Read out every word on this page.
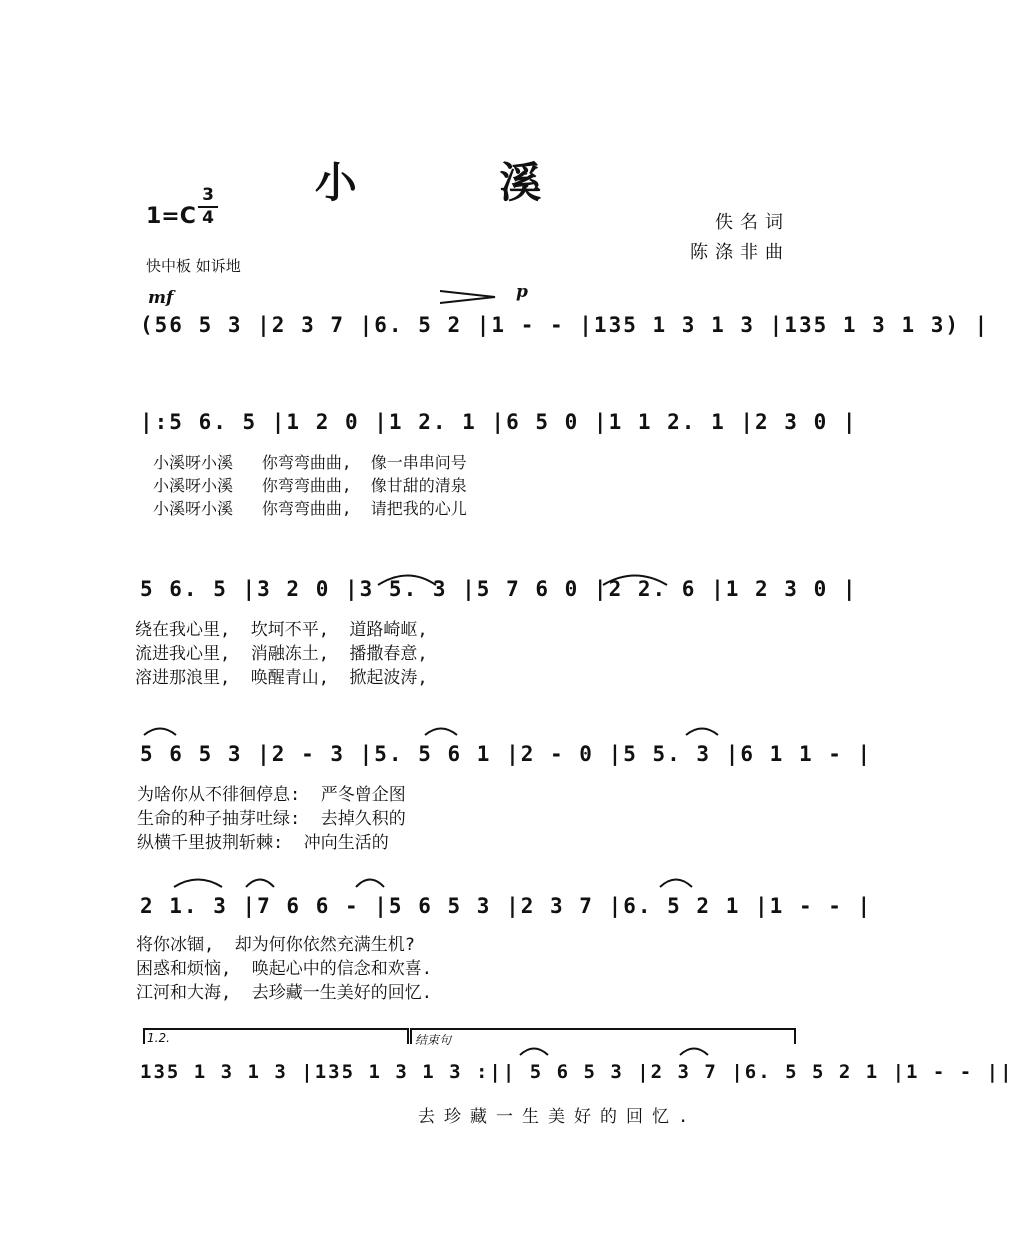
小 溪
1=C
3
4	佚名词
陈涤非曲
快中板 如诉地
mf	p
(56 5 3 |2 3 7 |6. 5 2 |1 - - |135 1 3 1 3 |135 1 3 1 3) |
|:5 6. 5 |1 2 0 |1 2. 1 |6 5 0 |1 1 2. 1 |2 3 0 |
小溪呀小溪   你弯弯曲曲,  像一串串问号
小溪呀小溪   你弯弯曲曲,  像甘甜的清泉
小溪呀小溪   你弯弯曲曲,  请把我的心儿
5 6. 5 |3 2 0 |3 5. 3 |5 7 6 0 |2 2. 6 |1 2 3 0 |
绕在我心里,  坎坷不平,  道路崎岖,
流进我心里,  消融冻土,  播撒春意,
溶进那浪里,  唤醒青山,  掀起波涛,
5 6 5 3 |2 - 3 |5. 5 6 1 |2 - 0 |5 5. 3 |6 1 1 - |
为啥你从不徘徊停息:  严冬曾企图
生命的种子抽芽吐绿:  去掉久积的
纵横千里披荆斩棘:  冲向生活的
2 1. 3 |7 6 6 - |5 6 5 3 |2 3 7 |6. 5 2 1 |1 - - |
将你冰锢,  却为何你依然充满生机?
困惑和烦恼,  唤起心中的信念和欢喜.
江河和大海,  去珍藏一生美好的回忆.
1.2.	结束句
135 1 3 1 3 |135 1 3 1 3 :|| 5 6 5 3 |2 3 7 |6. 5 5 2 1 |1 - - ||
去珍藏一生美好的回忆.
